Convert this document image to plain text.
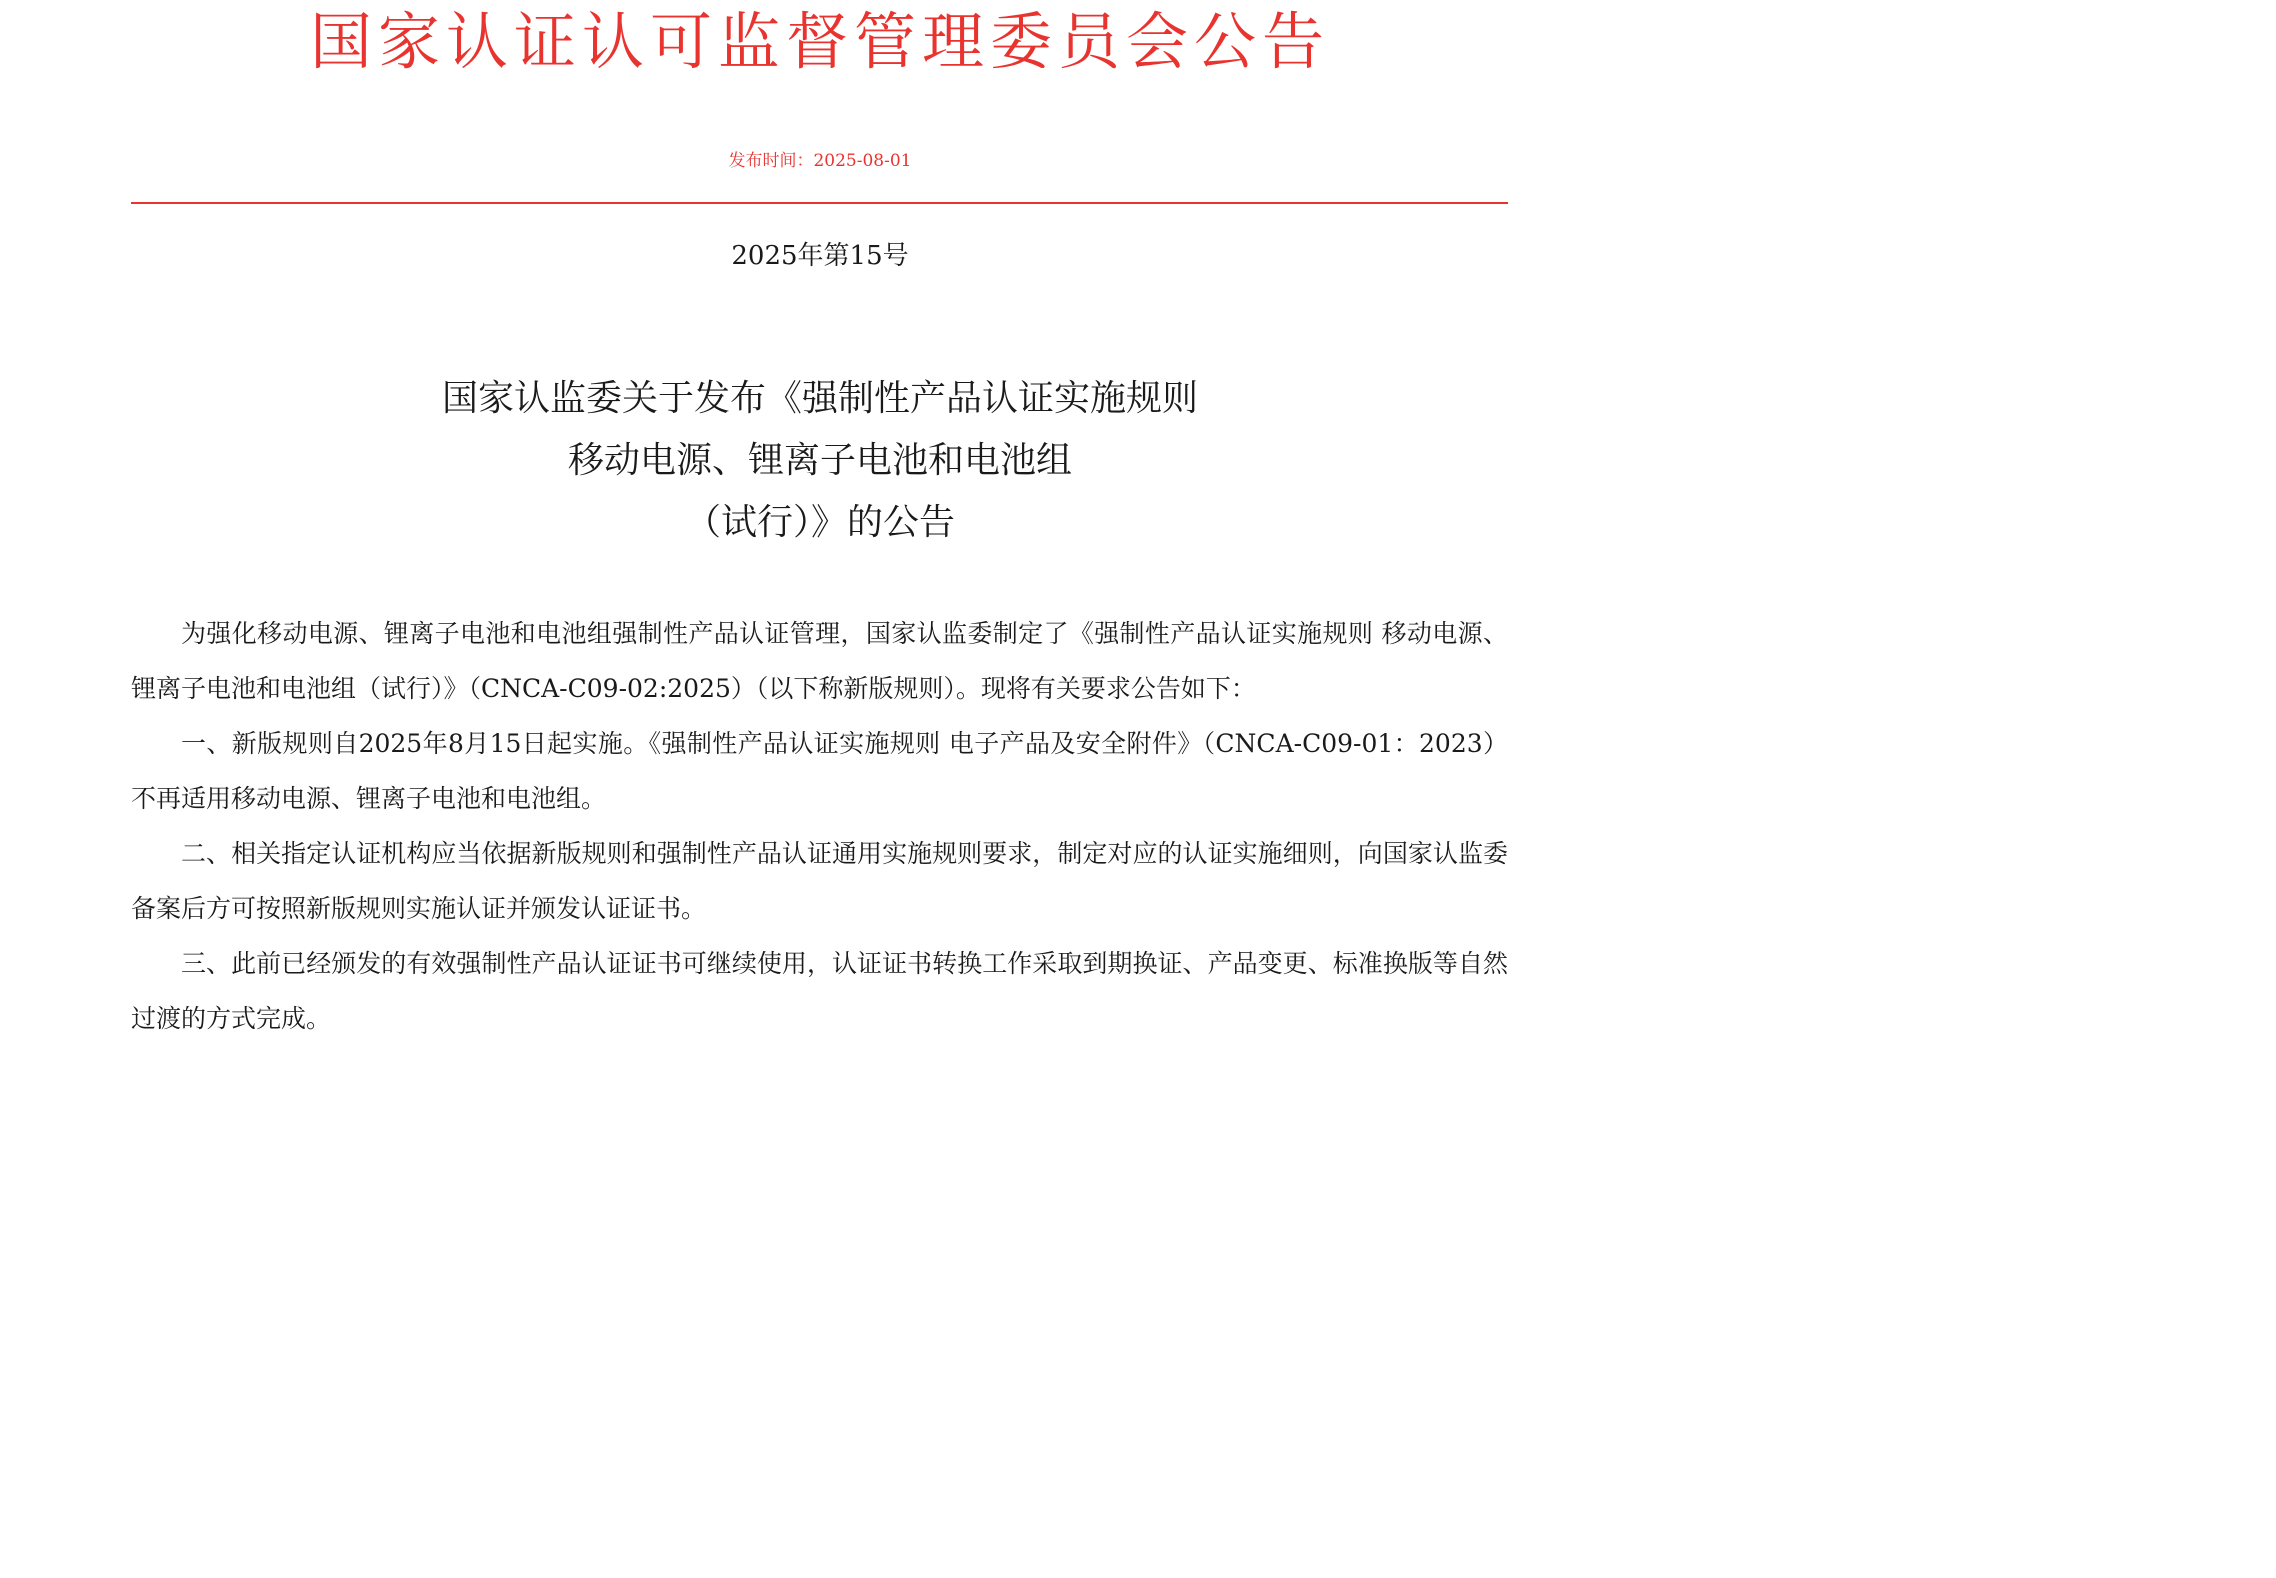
国家认证认可监督管理委员会公告
发布时间：2025-08-01
2025年第15号
国家认监委关于发布《强制性产品认证实施规则
移动电源、锂离子电池和电池组
（试行）》的公告

为强化移动电源、锂离子电池和电池组强制性产品认证管理，国家认监委制定了《强制性产品认证实施规则 移动电源、锂离子电池和电池组（试行）》（CNCA-C09-02:2025）（以下称新版规则）。现将有关要求公告如下：

一、新版规则自2025年8月15日起实施。《强制性产品认证实施规则 电子产品及安全附件》（CNCA-C09-01：2023）不再适用移动电源、锂离子电池和电池组。

二、相关指定认证机构应当依据新版规则和强制性产品认证通用实施规则要求，制定对应的认证实施细则，向国家认监委备案后方可按照新版规则实施认证并颁发认证证书。

三、此前已经颁发的有效强制性产品认证证书可继续使用，认证证书转换工作采取到期换证、产品变更、标准换版等自然过渡的方式完成。
